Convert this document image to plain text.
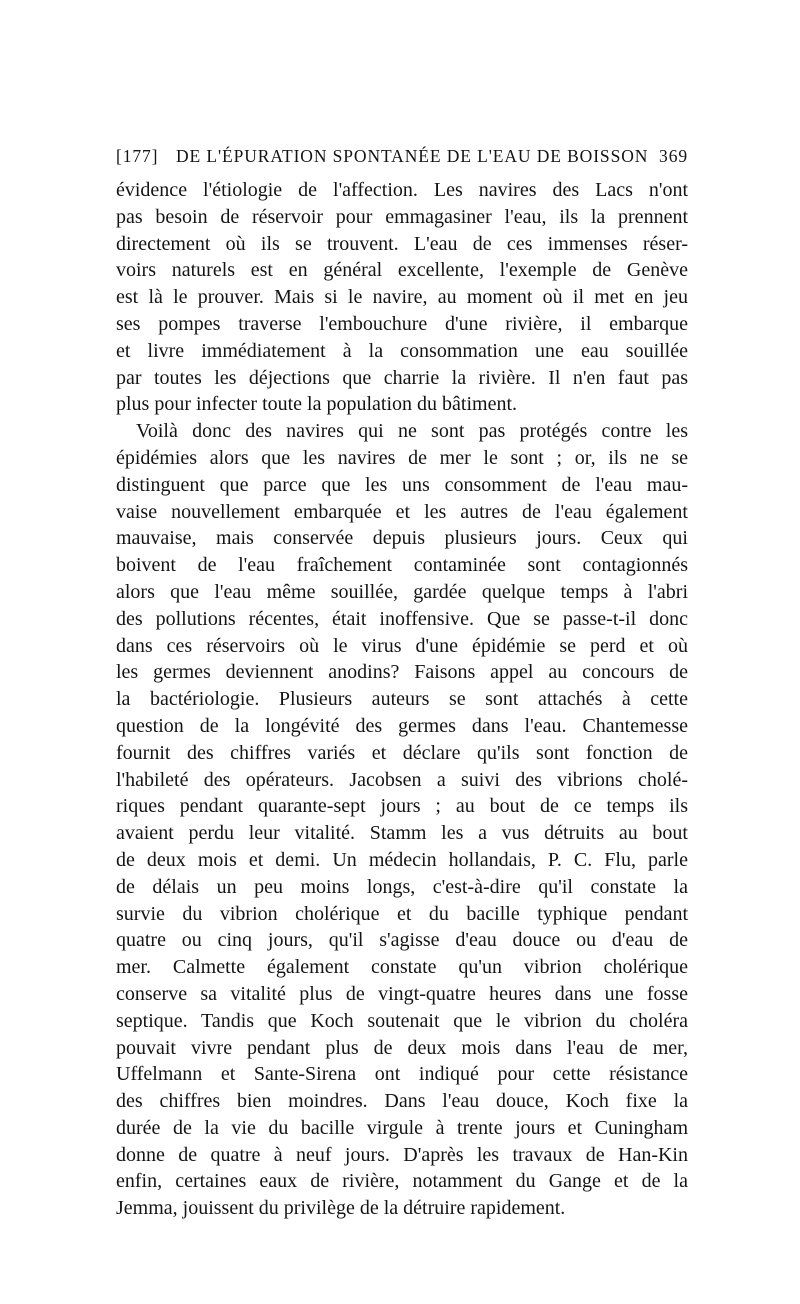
[177] DE L'ÉPURATION SPONTANÉE DE L'EAU DE BOISSON 369
évidence l'étiologie de l'affection. Les navires des Lacs n'ont
pas besoin de réservoir pour emmagasiner l'eau, ils la prennent
directement où ils se trouvent. L'eau de ces immenses réser-
voirs naturels est en général excellente, l'exemple de Genève
est là le prouver. Mais si le navire, au moment où il met en jeu
ses pompes traverse l'embouchure d'une rivière, il embarque
et livre immédiatement à la consommation une eau souillée
par toutes les déjections que charrie la rivière. Il n'en faut pas
plus pour infecter toute la population du bâtiment.
Voilà donc des navires qui ne sont pas protégés contre les
épidémies alors que les navires de mer le sont ; or, ils ne se
distinguent que parce que les uns consomment de l'eau mau-
vaise nouvellement embarquée et les autres de l'eau également
mauvaise, mais conservée depuis plusieurs jours. Ceux qui
boivent de l'eau fraîchement contaminée sont contagionnés
alors que l'eau même souillée, gardée quelque temps à l'abri
des pollutions récentes, était inoffensive. Que se passe-t-il donc
dans ces réservoirs où le virus d'une épidémie se perd et où
les germes deviennent anodins? Faisons appel au concours de
la bactériologie. Plusieurs auteurs se sont attachés à cette
question de la longévité des germes dans l'eau. Chantemesse
fournit des chiffres variés et déclare qu'ils sont fonction de
l'habileté des opérateurs. Jacobsen a suivi des vibrions cholé-
riques pendant quarante-sept jours ; au bout de ce temps ils
avaient perdu leur vitalité. Stamm les a vus détruits au bout
de deux mois et demi. Un médecin hollandais, P. C. Flu, parle
de délais un peu moins longs, c'est-à-dire qu'il constate la
survie du vibrion cholérique et du bacille typhique pendant
quatre ou cinq jours, qu'il s'agisse d'eau douce ou d'eau de
mer. Calmette également constate qu'un vibrion cholérique
conserve sa vitalité plus de vingt-quatre heures dans une fosse
septique. Tandis que Koch soutenait que le vibrion du choléra
pouvait vivre pendant plus de deux mois dans l'eau de mer,
Uffelmann et Sante-Sirena ont indiqué pour cette résistance
des chiffres bien moindres. Dans l'eau douce, Koch fixe la
durée de la vie du bacille virgule à trente jours et Cuningham
donne de quatre à neuf jours. D'après les travaux de Han-Kin
enfin, certaines eaux de rivière, notamment du Gange et de la
Jemma, jouissent du privilège de la détruire rapidement.
